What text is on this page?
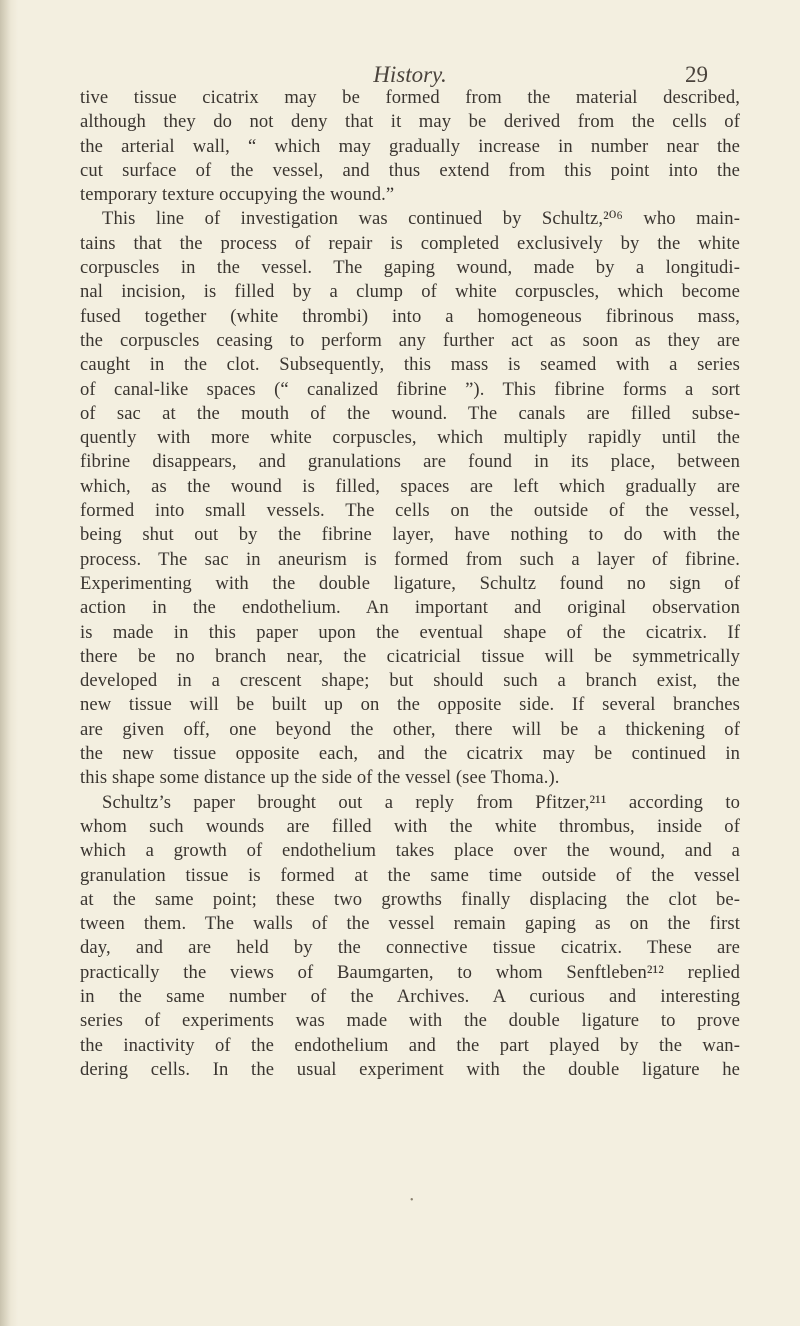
History.	29
tive tissue cicatrix may be formed from the material described,
although they do not deny that it may be derived from the cells of
the arterial wall, “ which may gradually increase in number near the
cut surface of the vessel, and thus extend from this point into the
temporary texture occupying the wound.”
This line of investigation was continued by Schultz,²⁰⁶ who main-
tains that the process of repair is completed exclusively by the white
corpuscles in the vessel. The gaping wound, made by a longitudi-
nal incision, is filled by a clump of white corpuscles, which become
fused together (white thrombi) into a homogeneous fibrinous mass,
the corpuscles ceasing to perform any further act as soon as they are
caught in the clot. Subsequently, this mass is seamed with a series
of canal-like spaces (“ canalized fibrine ”). This fibrine forms a sort
of sac at the mouth of the wound. The canals are filled subse-
quently with more white corpuscles, which multiply rapidly until the
fibrine disappears, and granulations are found in its place, between
which, as the wound is filled, spaces are left which gradually are
formed into small vessels. The cells on the outside of the vessel,
being shut out by the fibrine layer, have nothing to do with the
process. The sac in aneurism is formed from such a layer of fibrine.
Experimenting with the double ligature, Schultz found no sign of
action in the endothelium. An important and original observation
is made in this paper upon the eventual shape of the cicatrix. If
there be no branch near, the cicatricial tissue will be symmetrically
developed in a crescent shape; but should such a branch exist, the
new tissue will be built up on the opposite side. If several branches
are given off, one beyond the other, there will be a thickening of
the new tissue opposite each, and the cicatrix may be continued in
this shape some distance up the side of the vessel (see Thoma.).
Schultz’s paper brought out a reply from Pfitzer,²¹¹ according to
whom such wounds are filled with the white thrombus, inside of
which a growth of endothelium takes place over the wound, and a
granulation tissue is formed at the same time outside of the vessel
at the same point; these two growths finally displacing the clot be-
tween them. The walls of the vessel remain gaping as on the first
day, and are held by the connective tissue cicatrix. These are
practically the views of Baumgarten, to whom Senftleben²¹² replied
in the same number of the Archives. A curious and interesting
series of experiments was made with the double ligature to prove
the inactivity of the endothelium and the part played by the wan-
dering cells. In the usual experiment with the double ligature he
•
